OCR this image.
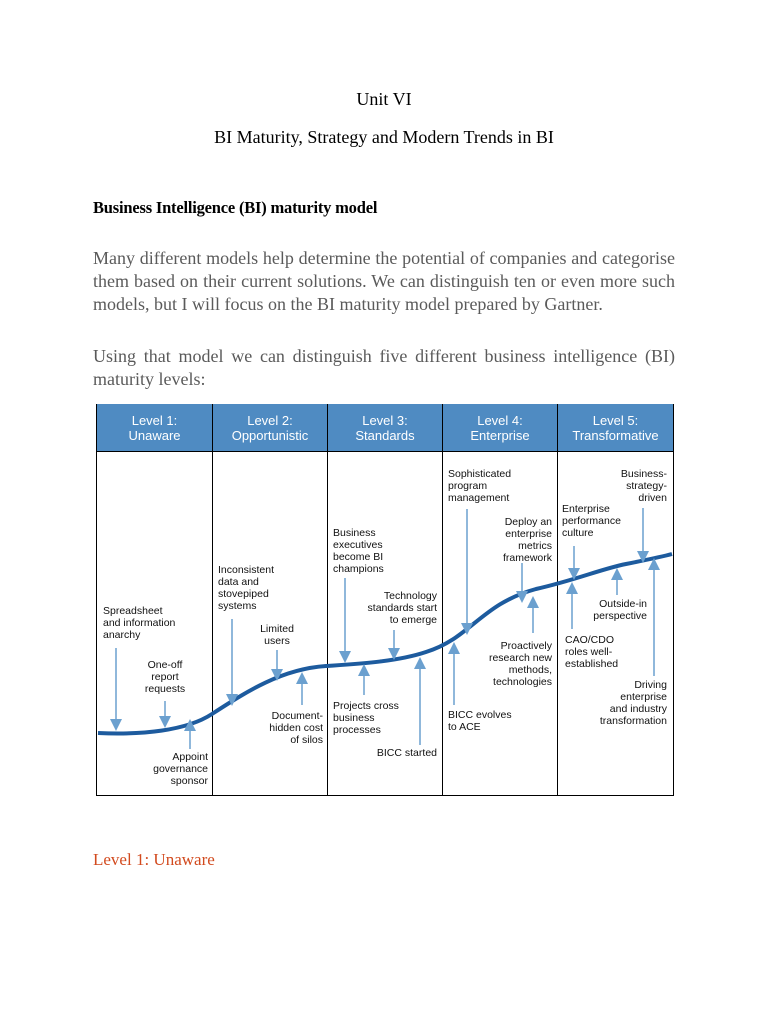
Unit VI
BI Maturity, Strategy and Modern Trends in BI
Business Intelligence (BI) maturity model

Many different models help determine the potential of companies and categorise them based on their current solutions. We can distinguish ten or even more such models, but I will focus on the BI maturity model prepared by Gartner.

Using that model we can distinguish five different business intelligence (BI) maturity levels:

Level 1:
Unaware
Level 2:
Opportunistic
Level 3:
Standards
Level 4:
Enterprise
Level 5:
Transformative
Spreadsheet
and information
anarchy
One-off
report
requests
Appoint
governance
sponsor
Inconsistent
data and
stovepiped
systems
Limited
users
Document-
hidden cost
of silos
Business
executives
become BI
champions
Technology
standards start
to emerge
Projects cross
business
processes
BICC started
Sophisticated
program
management
Deploy an
enterprise
metrics
framework
Proactively
research new
methods,
technologies
BICC evolves
to ACE
Enterprise
performance
culture
Business-
strategy-
driven
Outside-in
perspective
CAO/CDO
roles well-
established
Driving
enterprise
and industry
transformation
Level 1: Unaware
